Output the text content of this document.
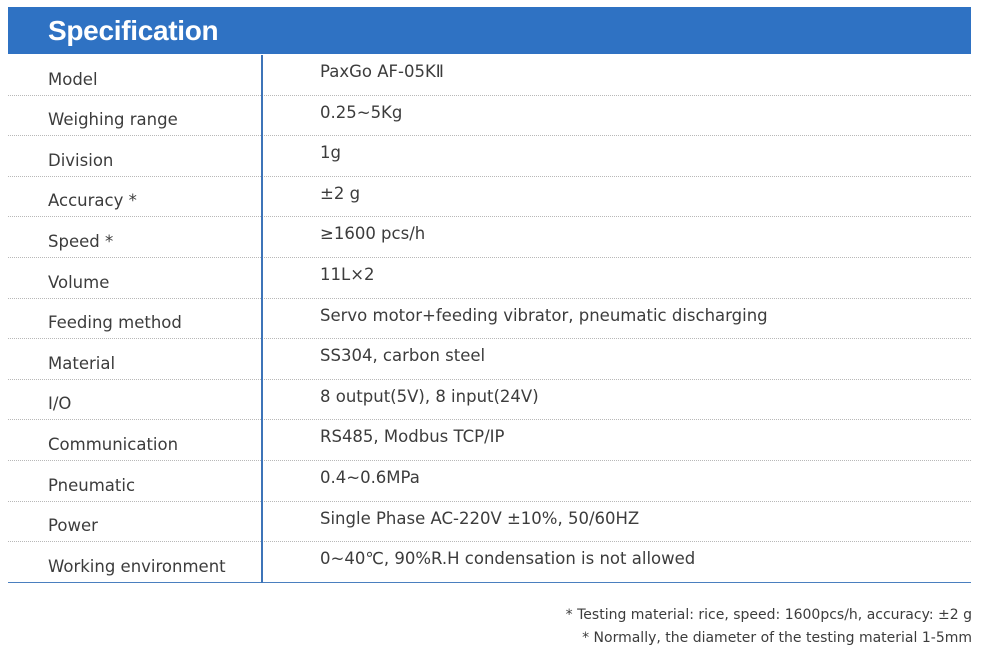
Specification
Model	PaxGo AF-05KⅡ
Weighing range	0.25~5Kg
Division	1g
Accuracy *	±2 g
Speed *	≥1600 pcs/h
Volume	11L×2
Feeding method	Servo motor+feeding vibrator, pneumatic discharging
Material	SS304, carbon steel
I/O	8 output(5V), 8 input(24V)
Communication	RS485, Modbus TCP/IP
Pneumatic	0.4~0.6MPa
Power	Single Phase AC-220V ±10%, 50/60HZ
Working environment	0~40℃, 90%R.H condensation is not allowed
* Testing material: rice, speed: 1600pcs/h, accuracy: ±2 g
* Normally, the diameter of the testing material 1-5mm
